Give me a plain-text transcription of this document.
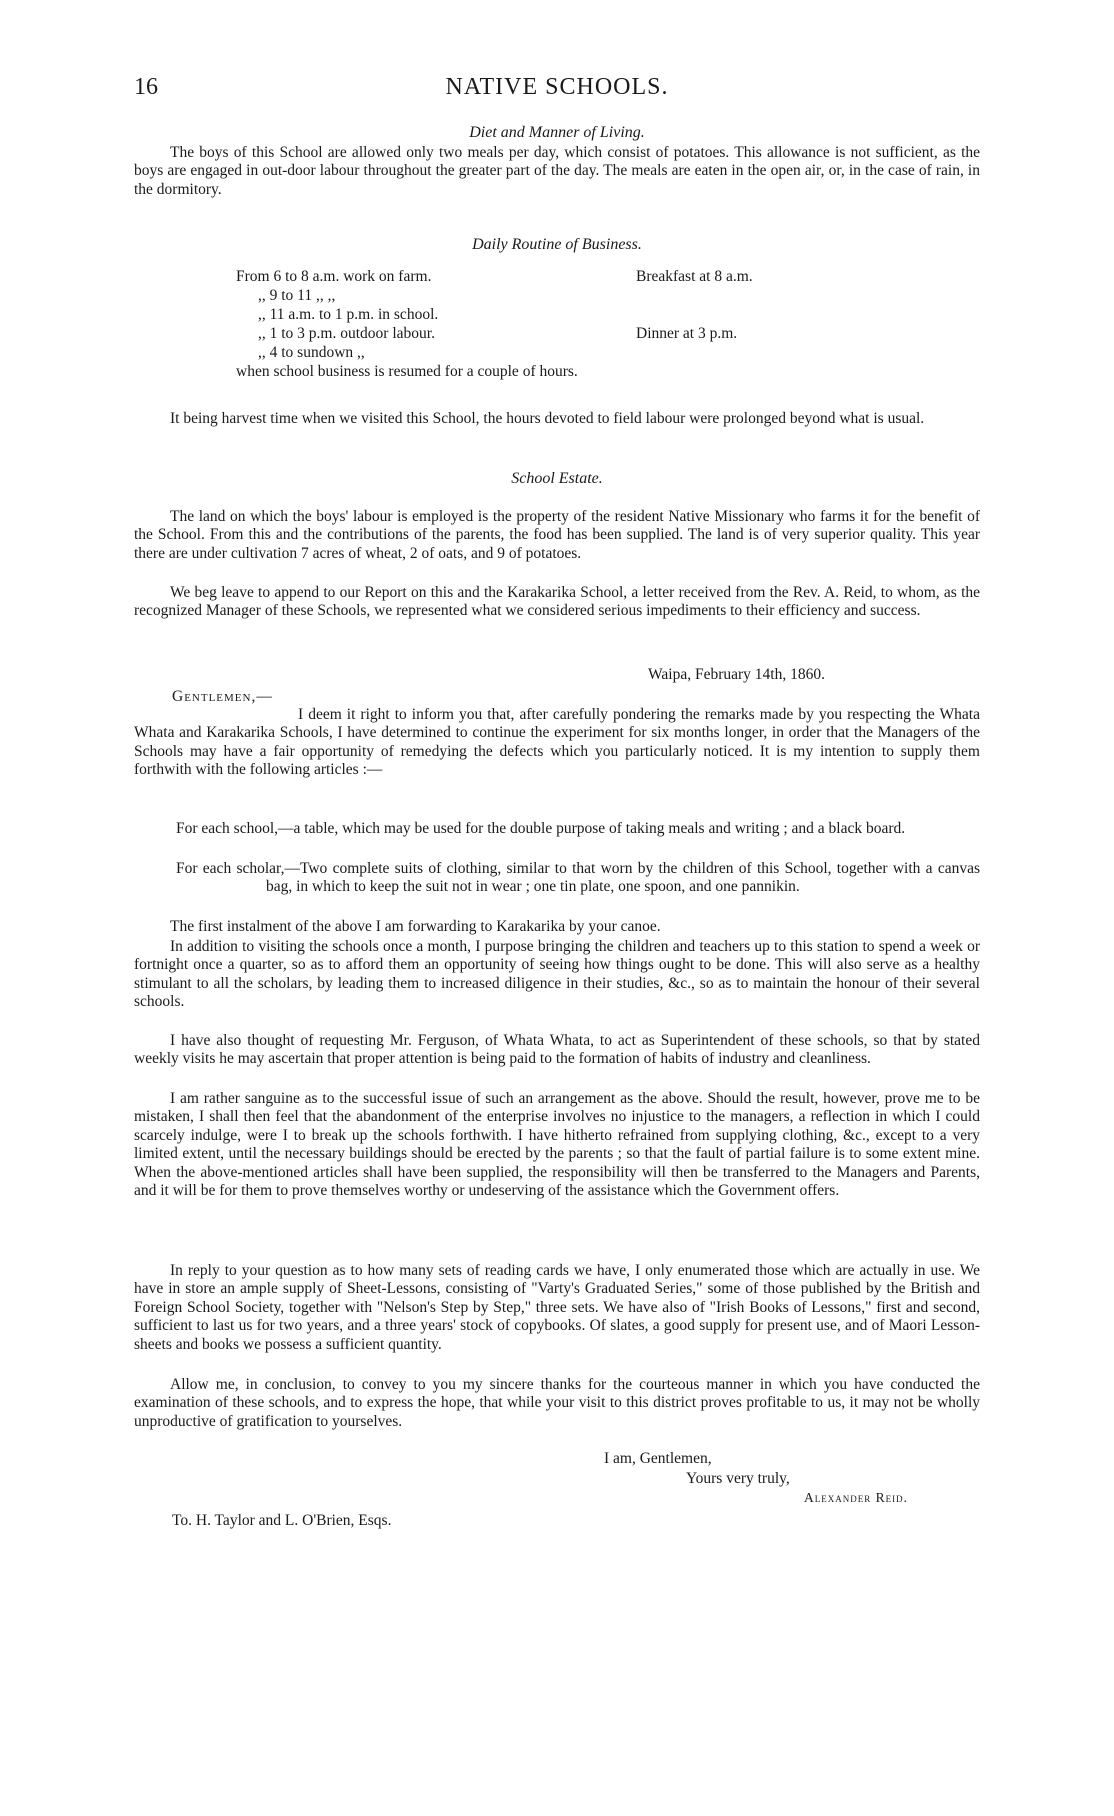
16	NATIVE SCHOOLS.
Diet and Manner of Living.

The boys of this School are allowed only two meals per day, which consist of potatoes. This allowance is not sufficient, as the boys are engaged in out-door labour throughout the greater part of the day. The meals are eaten in the open air, or, in the case of rain, in the dormitory.

Daily Routine of Business.
From 6 to 8 a.m. work on farm.	Breakfast at 8 a.m.
,, 9 to 11 ,, ,,
,, 11 a.m. to 1 p.m. in school.
,, 1 to 3 p.m. outdoor labour.	Dinner at 3 p.m.
,, 4 to sundown ,,
when school business is resumed for a couple of hours.

It being harvest time when we visited this School, the hours devoted to field labour were prolonged beyond what is usual.

School Estate.

The land on which the boys' labour is employed is the property of the resident Native Missionary who farms it for the benefit of the School. From this and the contributions of the parents, the food has been supplied. The land is of very superior quality. This year there are under cultivation 7 acres of wheat, 2 of oats, and 9 of potatoes.

We beg leave to append to our Report on this and the Karakarika School, a letter received from the Rev. A. Reid, to whom, as the recognized Manager of these Schools, we represented what we considered serious impediments to their efficiency and success.

Waipa, February 14th, 1860.
Gentlemen,—

I deem it right to inform you that, after carefully pondering the remarks made by you respecting the Whata Whata and Karakarika Schools, I have determined to continue the experiment for six months longer, in order that the Managers of the Schools may have a fair opportunity of remedying the defects which you particularly noticed. It is my intention to supply them forthwith with the following articles :—

For each school,—a table, which may be used for the double purpose of taking meals and writing ; and a black board.

For each scholar,—Two complete suits of clothing, similar to that worn by the children of this School, together with a canvas bag, in which to keep the suit not in wear ; one tin plate, one spoon, and one pannikin.

The first instalment of the above I am forwarding to Karakarika by your canoe.

In addition to visiting the schools once a month, I purpose bringing the children and teachers up to this station to spend a week or fortnight once a quarter, so as to afford them an opportunity of seeing how things ought to be done. This will also serve as a healthy stimulant to all the scholars, by leading them to increased diligence in their studies, &c., so as to maintain the honour of their several schools.

I have also thought of requesting Mr. Ferguson, of Whata Whata, to act as Superintendent of these schools, so that by stated weekly visits he may ascertain that proper attention is being paid to the formation of habits of industry and cleanliness.

I am rather sanguine as to the successful issue of such an arrangement as the above. Should the result, however, prove me to be mistaken, I shall then feel that the abandonment of the enterprise involves no injustice to the managers, a reflection in which I could scarcely indulge, were I to break up the schools forthwith. I have hitherto refrained from supplying clothing, &c., except to a very limited extent, until the necessary buildings should be erected by the parents ; so that the fault of partial failure is to some extent mine. When the above-mentioned articles shall have been supplied, the responsibility will then be transferred to the Managers and Parents, and it will be for them to prove themselves worthy or undeserving of the assistance which the Government offers.

In reply to your question as to how many sets of reading cards we have, I only enumerated those which are actually in use. We have in store an ample supply of Sheet-Lessons, consisting of "Varty's Graduated Series," some of those published by the British and Foreign School Society, together with "Nelson's Step by Step," three sets. We have also of "Irish Books of Lessons," first and second, sufficient to last us for two years, and a three years' stock of copybooks. Of slates, a good supply for present use, and of Maori Lesson-sheets and books we possess a sufficient quantity.

Allow me, in conclusion, to convey to you my sincere thanks for the courteous manner in which you have conducted the examination of these schools, and to express the hope, that while your visit to this district proves profitable to us, it may not be wholly unproductive of gratification to yourselves.

I am, Gentlemen,
Yours very truly,
Alexander Reid.
To. H. Taylor and L. O'Brien, Esqs.
